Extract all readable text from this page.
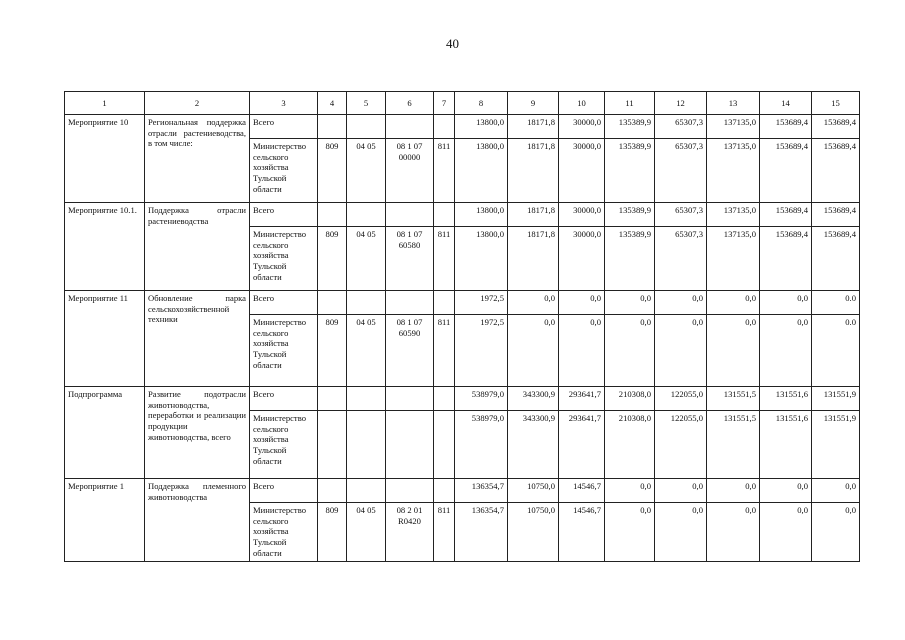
40
1	2	3	4	5	6	7	8	9	10	11	12	13	14	15
Мероприятие 10	Региональная поддержка отрасли растениеводства, в том числе:	Всего					13800,0	18171,8	30000,0	135389,9	65307,3	137135,0	153689,4	153689,4
		Министерство сельского хозяйства Тульской области	809	04 05	08 1 07 00000	811	13800,0	18171,8	30000,0	135389,9	65307,3	137135,0	153689,4	153689,4
Мероприятие 10.1.	Поддержка отрасли растениеводства	Всего					13800,0	18171,8	30000,0	135389,9	65307,3	137135,0	153689,4	153689,4
		Министерство сельского хозяйства Тульской области	809	04 05	08 1 07 60580	811	13800,0	18171,8	30000,0	135389,9	65307,3	137135,0	153689,4	153689,4
Мероприятие 11	Обновление парка сельскохозяйственной техники	Всего					1972,5	0,0	0,0	0,0	0,0	0,0	0,0	0.0
		Министерство сельского хозяйства Тульской области	809	04 05	08 1 07 60590	811	1972,5	0,0	0,0	0,0	0,0	0,0	0,0	0.0
Подпрограмма	Развитие подотрасли животноводства, переработки и реализации продукции животноводства, всего	Всего					538979,0	343300,9	293641,7	210308,0	122055,0	131551,5	131551,6	131551,9
		Министерство сельского хозяйства Тульской области					538979,0	343300,9	293641,7	210308,0	122055,0	131551,5	131551,6	131551,9
Мероприятие 1	Поддержка племенного животноводства	Всего					136354,7	10750,0	14546,7	0,0	0,0	0,0	0,0	0,0
		Министерство сельского хозяйства Тульской области	809	04 05	08 2 01 R0420	811	136354,7	10750,0	14546,7	0,0	0,0	0,0	0,0	0,0
